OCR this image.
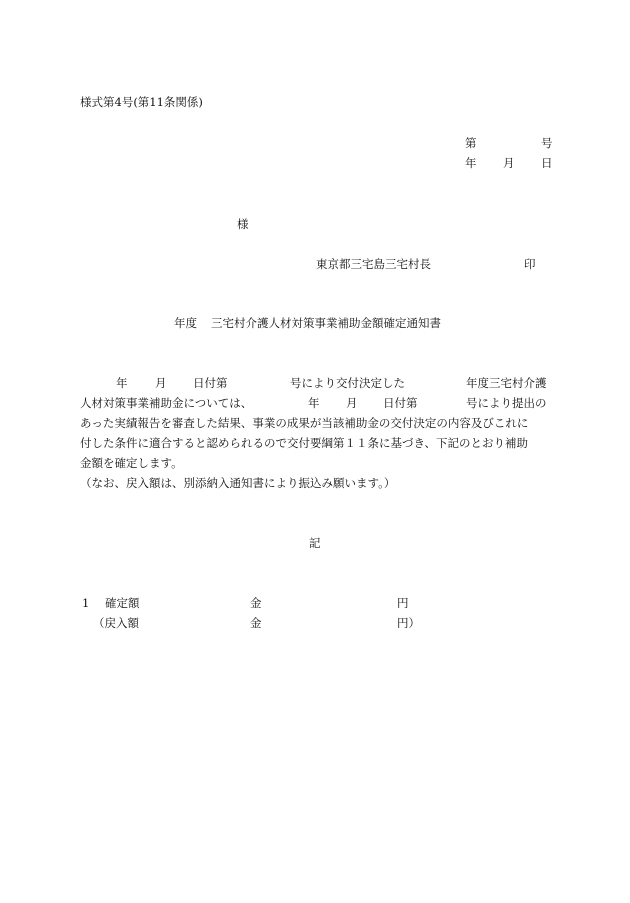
様式第4号(第11条関係)
第	号
年 月 日
様
東京都三宅島三宅村長	印
年度 三宅村介護人材対策事業補助金額確定通知書
年 月 日付第	号により交付決定した	年度三宅村介護
人材対策事業補助金については、	年 月 日付第	号により提出の
あった実績報告を審査した結果、事業の成果が当該補助金の交付決定の内容及びこれに
付した条件に適合すると認められるので交付要綱第１１条に基づき、下記のとおり補助
金額を確定します。
（なお、戻入額は、別添納入通知書により振込み願います。）
記
1 確定額	金	円
（戻入額	金	円）
